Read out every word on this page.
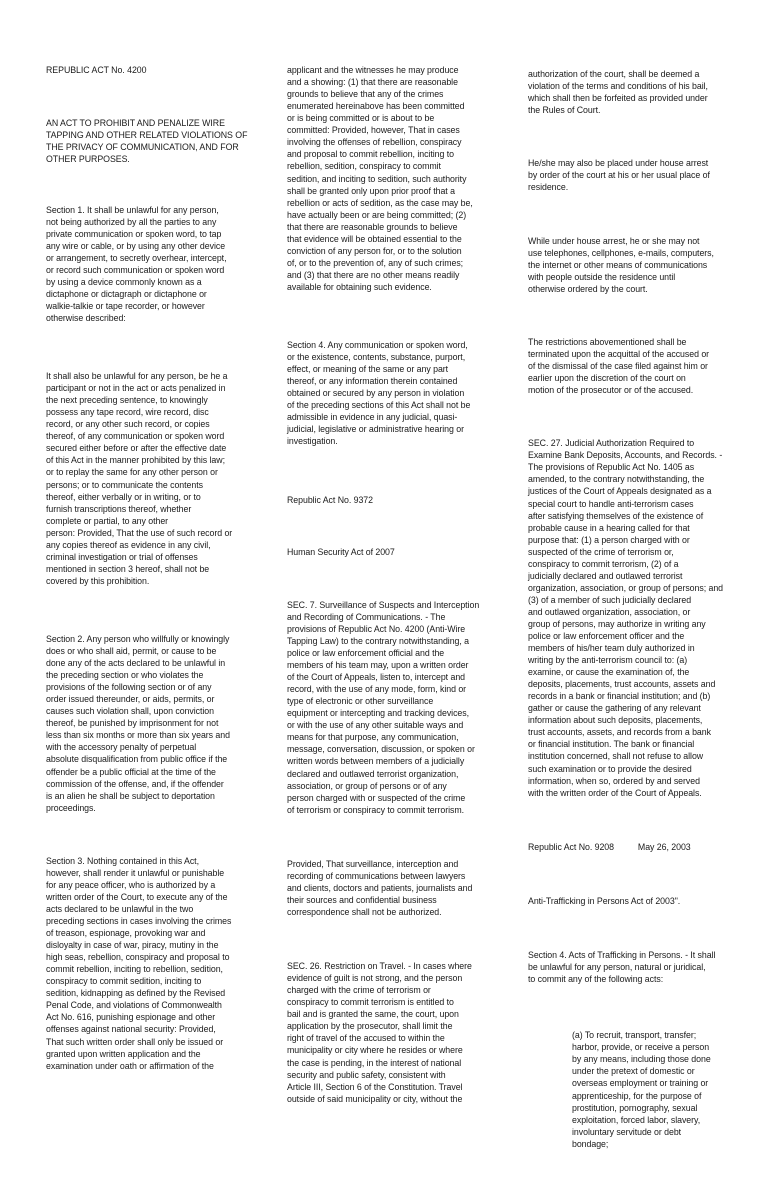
REPUBLIC ACT No. 4200

AN ACT TO PROHIBIT AND PENALIZE WIRE
TAPPING AND OTHER RELATED VIOLATIONS OF
THE PRIVACY OF COMMUNICATION, AND FOR
OTHER PURPOSES.

Section 1. It shall be unlawful for any person,
not being authorized by all the parties to any
private communication or spoken word, to tap
any wire or cable, or by using any other device
or arrangement, to secretly overhear, intercept,
or record such communication or spoken word
by using a device commonly known as a
dictaphone or dictagraph or dictaphone or
walkie-talkie or tape recorder, or however
otherwise described:

It shall also be unlawful for any person, be he a
participant or not in the act or acts penalized in
the next preceding sentence, to knowingly
possess any tape record, wire record, disc
record, or any other such record, or copies
thereof, of any communication or spoken word
secured either before or after the effective date
of this Act in the manner prohibited by this law;
or to replay the same for any other person or
persons; or to communicate the contents
thereof, either verbally or in writing, or to
furnish transcriptions thereof, whether
complete or partial, to any other
person: Provided, That the use of such record or
any copies thereof as evidence in any civil,
criminal investigation or trial of offenses
mentioned in section 3 hereof, shall not be
covered by this prohibition.

Section 2. Any person who willfully or knowingly
does or who shall aid, permit, or cause to be
done any of the acts declared to be unlawful in
the preceding section or who violates the
provisions of the following section or of any
order issued thereunder, or aids, permits, or
causes such violation shall, upon conviction
thereof, be punished by imprisonment for not
less than six months or more than six years and
with the accessory penalty of perpetual
absolute disqualification from public office if the
offender be a public official at the time of the
commission of the offense, and, if the offender
is an alien he shall be subject to deportation
proceedings.

Section 3. Nothing contained in this Act,
however, shall render it unlawful or punishable
for any peace officer, who is authorized by a
written order of the Court, to execute any of the
acts declared to be unlawful in the two
preceding sections in cases involving the crimes
of treason, espionage, provoking war and
disloyalty in case of war, piracy, mutiny in the
high seas, rebellion, conspiracy and proposal to
commit rebellion, inciting to rebellion, sedition,
conspiracy to commit sedition, inciting to
sedition, kidnapping as defined by the Revised
Penal Code, and violations of Commonwealth
Act No. 616, punishing espionage and other
offenses against national security: Provided,
That such written order shall only be issued or
granted upon written application and the
examination under oath or affirmation of the

applicant and the witnesses he may produce
and a showing: (1) that there are reasonable
grounds to believe that any of the crimes
enumerated hereinabove has been committed
or is being committed or is about to be
committed: Provided, however, That in cases
involving the offenses of rebellion, conspiracy
and proposal to commit rebellion, inciting to
rebellion, sedition, conspiracy to commit
sedition, and inciting to sedition, such authority
shall be granted only upon prior proof that a
rebellion or acts of sedition, as the case may be,
have actually been or are being committed; (2)
that there are reasonable grounds to believe
that evidence will be obtained essential to the
conviction of any person for, or to the solution
of, or to the prevention of, any of such crimes;
and (3) that there are no other means readily
available for obtaining such evidence.

Section 4. Any communication or spoken word,
or the existence, contents, substance, purport,
effect, or meaning of the same or any part
thereof, or any information therein contained
obtained or secured by any person in violation
of the preceding sections of this Act shall not be
admissible in evidence in any judicial, quasi-
judicial, legislative or administrative hearing or
investigation.

Republic Act No. 9372

Human Security Act of 2007

SEC. 7. Surveillance of Suspects and Interception
and Recording of Communications. - The
provisions of Republic Act No. 4200 (Anti-Wire
Tapping Law) to the contrary notwithstanding, a
police or law enforcement official and the
members of his team may, upon a written order
of the Court of Appeals, listen to, intercept and
record, with the use of any mode, form, kind or
type of electronic or other surveillance
equipment or intercepting and tracking devices,
or with the use of any other suitable ways and
means for that purpose, any communication,
message, conversation, discussion, or spoken or
written words between members of a judicially
declared and outlawed terrorist organization,
association, or group of persons or of any
person charged with or suspected of the crime
of terrorism or conspiracy to commit terrorism.

Provided, That surveillance, interception and
recording of communications between lawyers
and clients, doctors and patients, journalists and
their sources and confidential business
correspondence shall not be authorized.

SEC. 26. Restriction on Travel. - In cases where
evidence of guilt is not strong, and the person
charged with the crime of terrorism or
conspiracy to commit terrorism is entitled to
bail and is granted the same, the court, upon
application by the prosecutor, shall limit the
right of travel of the accused to within the
municipality or city where he resides or where
the case is pending, in the interest of national
security and public safety, consistent with
Article III, Section 6 of the Constitution. Travel
outside of said municipality or city, without the

authorization of the court, shall be deemed a
violation of the terms and conditions of his bail,
which shall then be forfeited as provided under
the Rules of Court.

He/she may also be placed under house arrest
by order of the court at his or her usual place of
residence.

While under house arrest, he or she may not
use telephones, cellphones, e-mails, computers,
the internet or other means of communications
with people outside the residence until
otherwise ordered by the court.

The restrictions abovementioned shall be
terminated upon the acquittal of the accused or
of the dismissal of the case filed against him or
earlier upon the discretion of the court on
motion of the prosecutor or of the accused.

SEC. 27. Judicial Authorization Required to
Examine Bank Deposits, Accounts, and Records. -
The provisions of Republic Act No. 1405 as
amended, to the contrary notwithstanding, the
justices of the Court of Appeals designated as a
special court to handle anti-terrorism cases
after satisfying themselves of the existence of
probable cause in a hearing called for that
purpose that: (1) a person charged with or
suspected of the crime of terrorism or,
conspiracy to commit terrorism, (2) of a
judicially declared and outlawed terrorist
organization, association, or group of persons; and
(3) of a member of such judicially declared
and outlawed organization, association, or
group of persons, may authorize in writing any
police or law enforcement officer and the
members of his/her team duly authorized in
writing by the anti-terrorism council to: (a)
examine, or cause the examination of, the
deposits, placements, trust accounts, assets and
records in a bank or financial institution; and (b)
gather or cause the gathering of any relevant
information about such deposits, placements,
trust accounts, assets, and records from a bank
or financial institution. The bank or financial
institution concerned, shall not refuse to allow
such examination or to provide the desired
information, when so, ordered by and served
with the written order of the Court of Appeals.

Republic Act No. 9208          May 26, 2003

Anti-Trafficking in Persons Act of 2003".

Section 4. Acts of Trafficking in Persons. - It shall
be unlawful for any person, natural or juridical,
to commit any of the following acts:

(a) To recruit, transport, transfer;
harbor, provide, or receive a person
by any means, including those done
under the pretext of domestic or
overseas employment or training or
apprenticeship, for the purpose of
prostitution, pornography, sexual
exploitation, forced labor, slavery,
involuntary servitude or debt
bondage;
